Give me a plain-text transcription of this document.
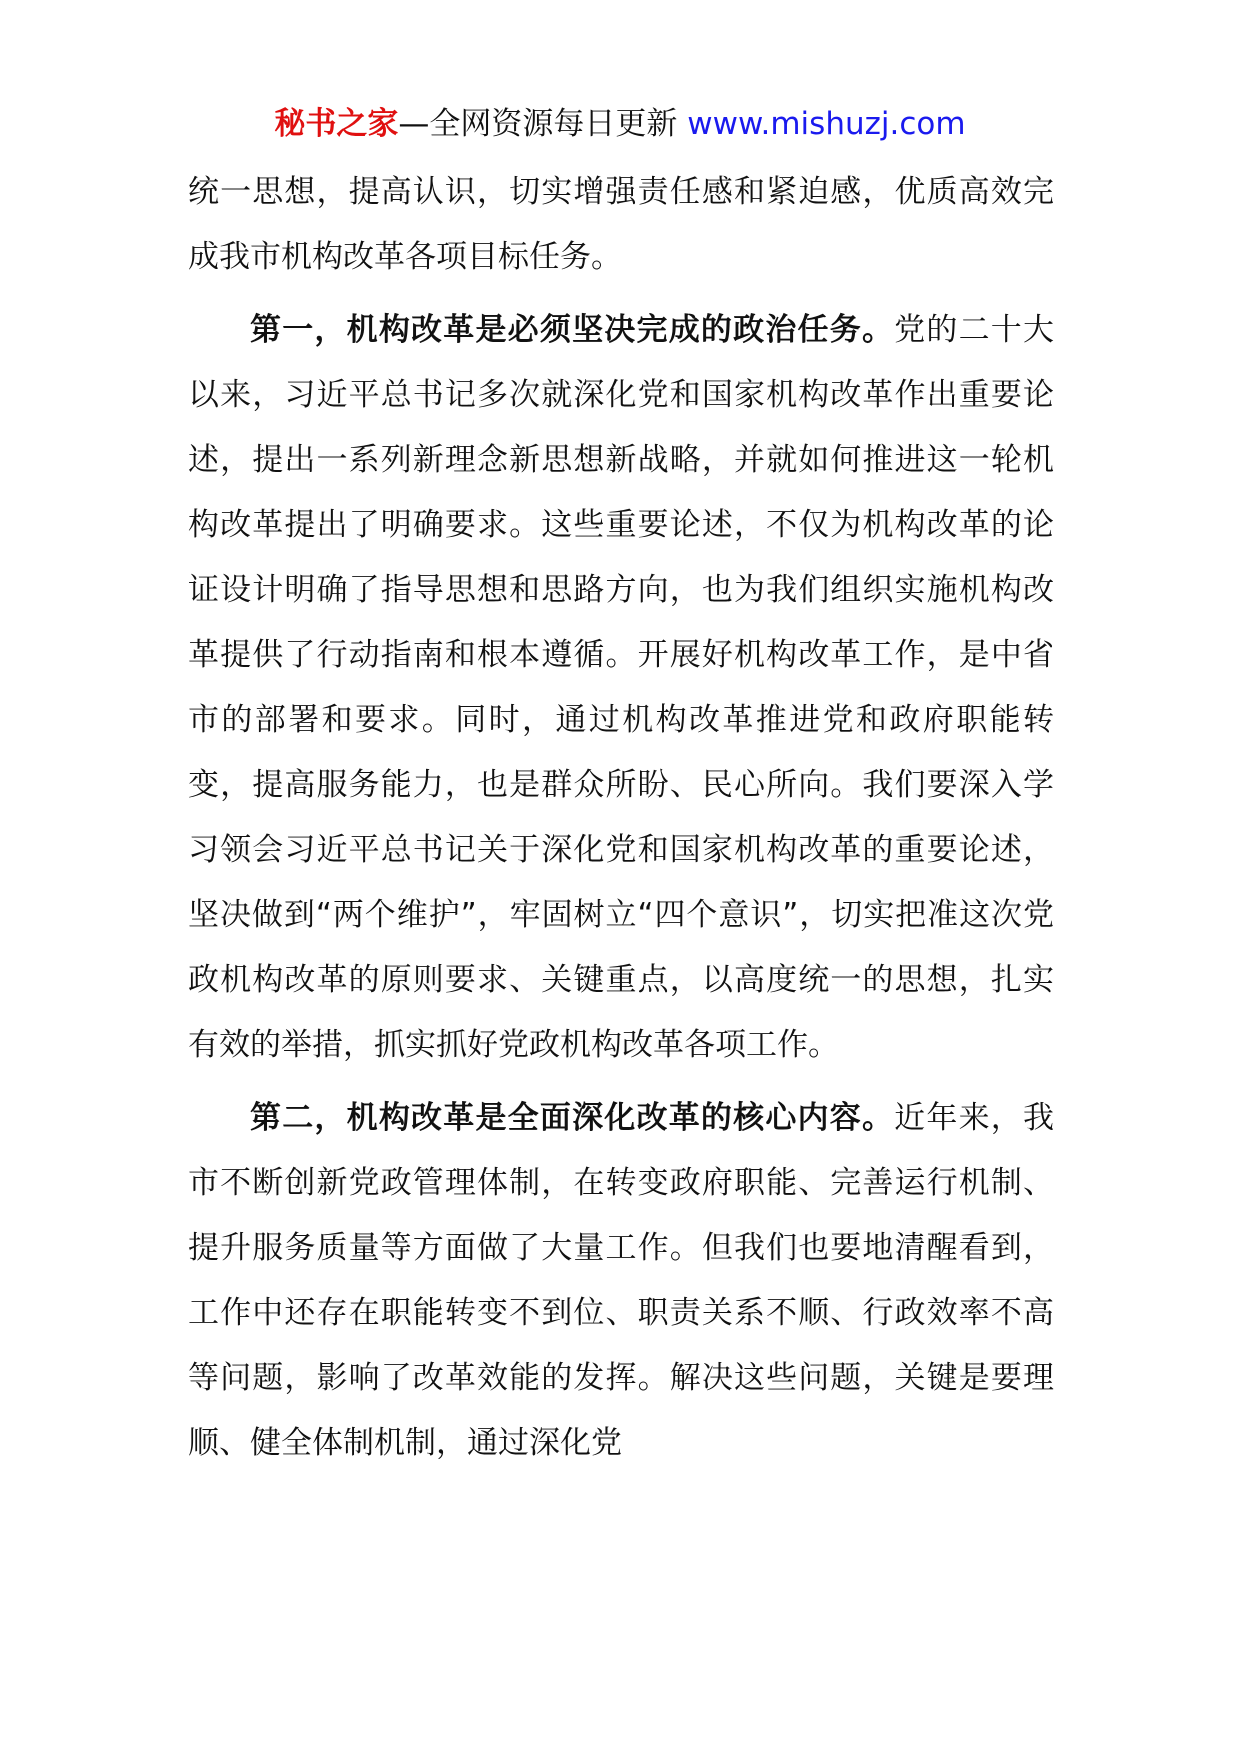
秘书之家—全网资源每日更新 www.mishuzj.com

统一思想，提高认识，切实增强责任感和紧迫感，优质高效完成我市机构改革各项目标任务。

第一，机构改革是必须坚决完成的政治任务。党的二十大以来，习近平总书记多次就深化党和国家机构改革作出重要论述，提出一系列新理念新思想新战略，并就如何推进这一轮机构改革提出了明确要求。这些重要论述，不仅为机构改革的论证设计明确了指导思想和思路方向，也为我们组织实施机构改革提供了行动指南和根本遵循。开展好机构改革工作，是中省市的部署和要求。同时，通过机构改革推进党和政府职能转变，提高服务能力，也是群众所盼、民心所向。我们要深入学习领会习近平总书记关于深化党和国家机构改革的重要论述，坚决做到“两个维护”，牢固树立“四个意识”，切实把准这次党政机构改革的原则要求、关键重点，以高度统一的思想，扎实有效的举措，抓实抓好党政机构改革各项工作。

第二，机构改革是全面深化改革的核心内容。近年来，我市不断创新党政管理体制，在转变政府职能、完善运行机制、提升服务质量等方面做了大量工作。但我们也要地清醒看到，工作中还存在职能转变不到位、职责关系不顺、行政效率不高等问题，影响了改革效能的发挥。解决这些问题，关键是要理顺、健全体制机制，通过深化党
